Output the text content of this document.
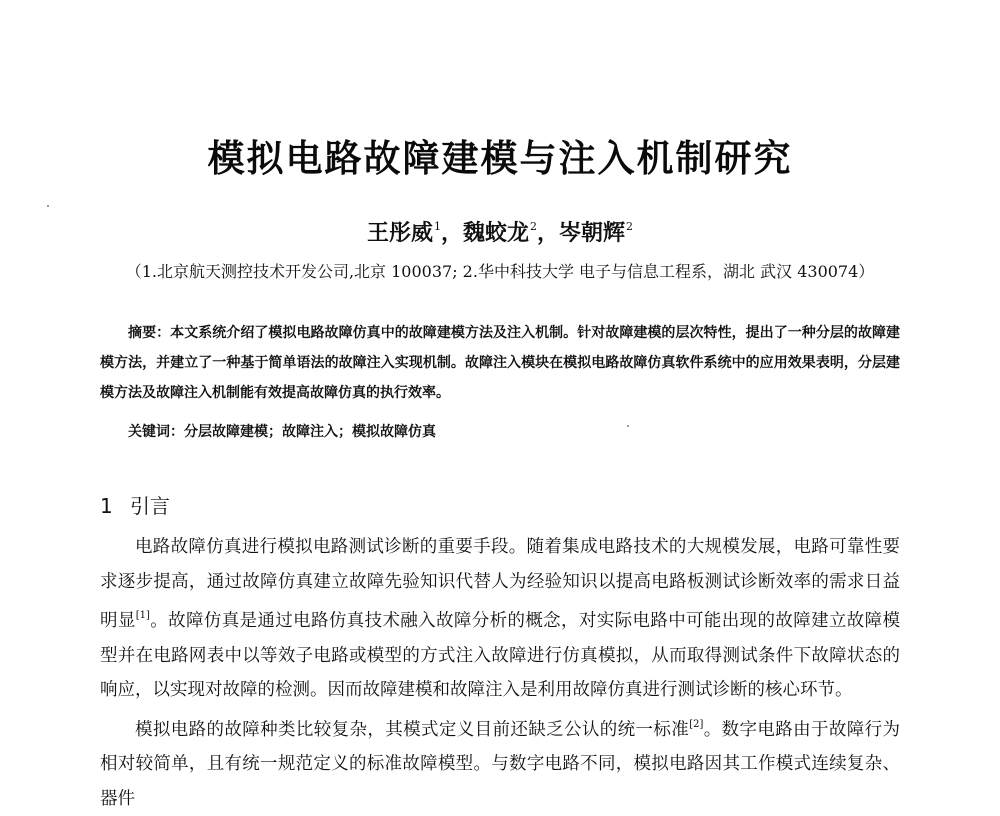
模拟电路故障建模与注入机制研究
王彤威$^1$，魏蛟龙$^2$，岑朝辉$^2$
（1.北京航天测控技术开发公司,北京 100037; 2.华中科技大学 电子与信息工程系，湖北 武汉 430074）
摘要：本文系统介绍了模拟电路故障仿真中的故障建模方法及注入机制。针对故障建模的层次特性，提出了一种分层的故障建模方法，并建立了一种基于简单语法的故障注入实现机制。故障注入模块在模拟电路故障仿真软件系统中的应用效果表明，分层建模方法及故障注入机制能有效提高故障仿真的执行效率。
关键词：分层故障建模；故障注入；模拟故障仿真
1 引言

电路故障仿真进行模拟电路测试诊断的重要手段。随着集成电路技术的大规模发展，电路可靠性要求逐步提高，通过故障仿真建立故障先验知识代替人为经验知识以提高电路板测试诊断效率的需求日益明显[1]。故障仿真是通过电路仿真技术融入故障分析的概念，对实际电路中可能出现的故障建立故障模型并在电路网表中以等效子电路或模型的方式注入故障进行仿真模拟，从而取得测试条件下故障状态的响应，以实现对故障的检测。因而故障建模和故障注入是利用故障仿真进行测试诊断的核心环节。

模拟电路的故障种类比较复杂，其模式定义目前还缺乏公认的统一标准[2]。数字电路由于故障行为相对较简单，且有统一规范定义的标准故障模型。与数字电路不同，模拟电路因其工作模式连续复杂、器件
